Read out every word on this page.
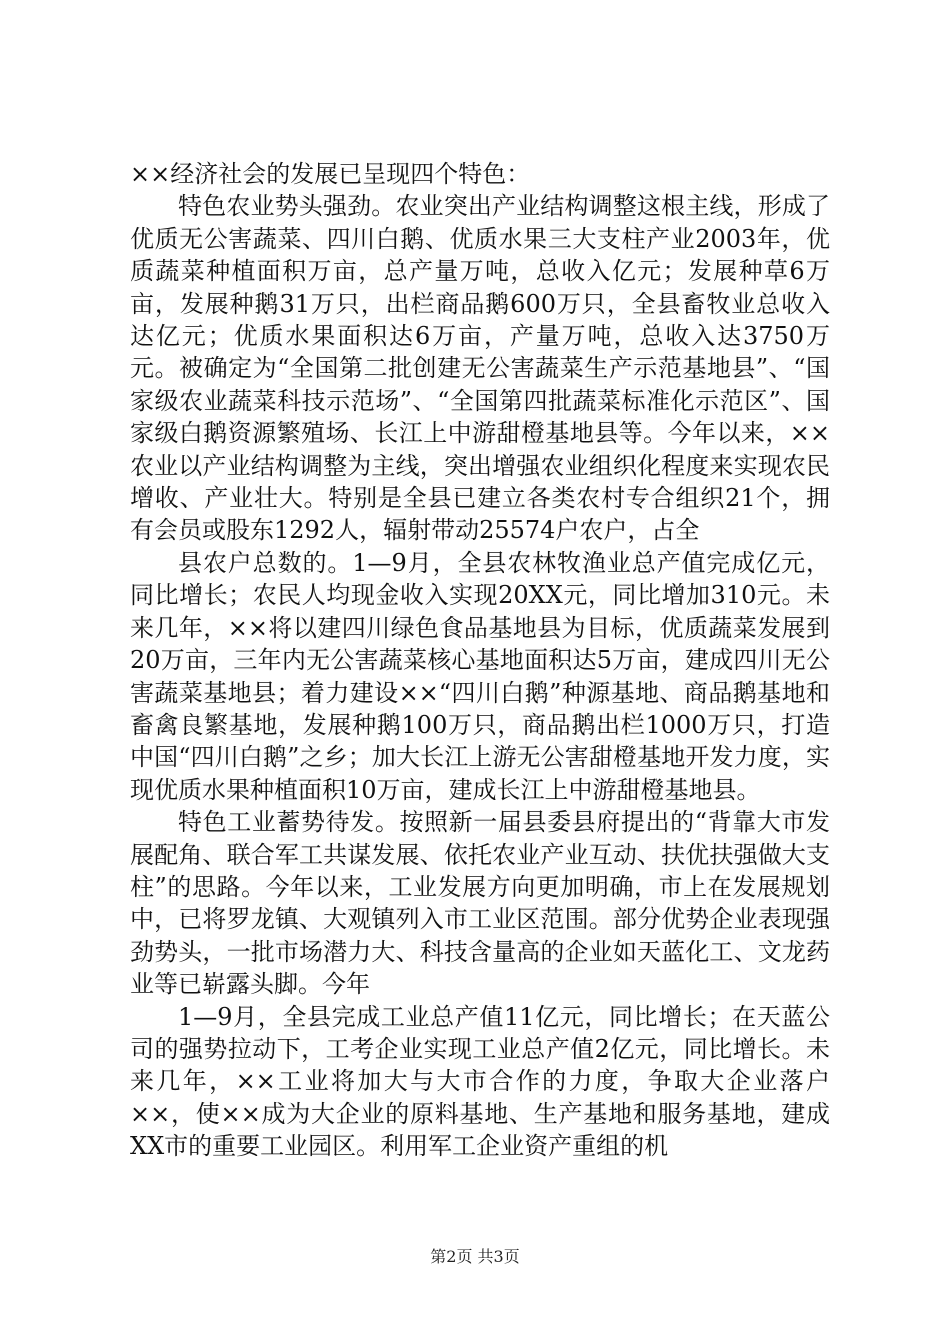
××经济社会的发展已呈现四个特色：

特色农业势头强劲。农业突出产业结构调整这根主线，形成了优质无公害蔬菜、四川白鹅、优质水果三大支柱产业2003年，优质蔬菜种植面积万亩，总产量万吨，总收入亿元；发展种草6万亩，发展种鹅31万只，出栏商品鹅600万只，全县畜牧业总收入达亿元；优质水果面积达6万亩，产量万吨，总收入达3750万元。被确定为“全国第二批创建无公害蔬菜生产示范基地县”、“国家级农业蔬菜科技示范场”、“全国第四批蔬菜标准化示范区”、国家级白鹅资源繁殖场、长江上中游甜橙基地县等。今年以来，××农业以产业结构调整为主线，突出增强农业组织化程度来实现农民增收、产业壮大。特别是全县已建立各类农村专合组织21个，拥有会员或股东1292人，辐射带动25574户农户，占全

县农户总数的。1—9月，全县农林牧渔业总产值完成亿元，同比增长；农民人均现金收入实现20XX元，同比增加310元。未来几年，××将以建四川绿色食品基地县为目标，优质蔬菜发展到20万亩，三年内无公害蔬菜核心基地面积达5万亩，建成四川无公害蔬菜基地县；着力建设××“四川白鹅”种源基地、商品鹅基地和畜禽良繁基地，发展种鹅100万只，商品鹅出栏1000万只，打造中国“四川白鹅”之乡；加大长江上游无公害甜橙基地开发力度，实现优质水果种植面积10万亩，建成长江上中游甜橙基地县。

特色工业蓄势待发。按照新一届县委县府提出的“背靠大市发展配角、联合军工共谋发展、依托农业产业互动、扶优扶强做大支柱”的思路。今年以来，工业发展方向更加明确，市上在发展规划中，已将罗龙镇、大观镇列入市工业区范围。部分优势企业表现强劲势头，一批市场潜力大、科技含量高的企业如天蓝化工、文龙药业等已崭露头脚。今年

1—9月，全县完成工业总产值11亿元，同比增长；在天蓝公司的强势拉动下，工考企业实现工业总产值2亿元，同比增长。未来几年，××工业将加大与大市合作的力度，争取大企业落户××，使××成为大企业的原料基地、生产基地和服务基地，建成XX市的重要工业园区。利用军工企业资产重组的机

第2页 共3页
